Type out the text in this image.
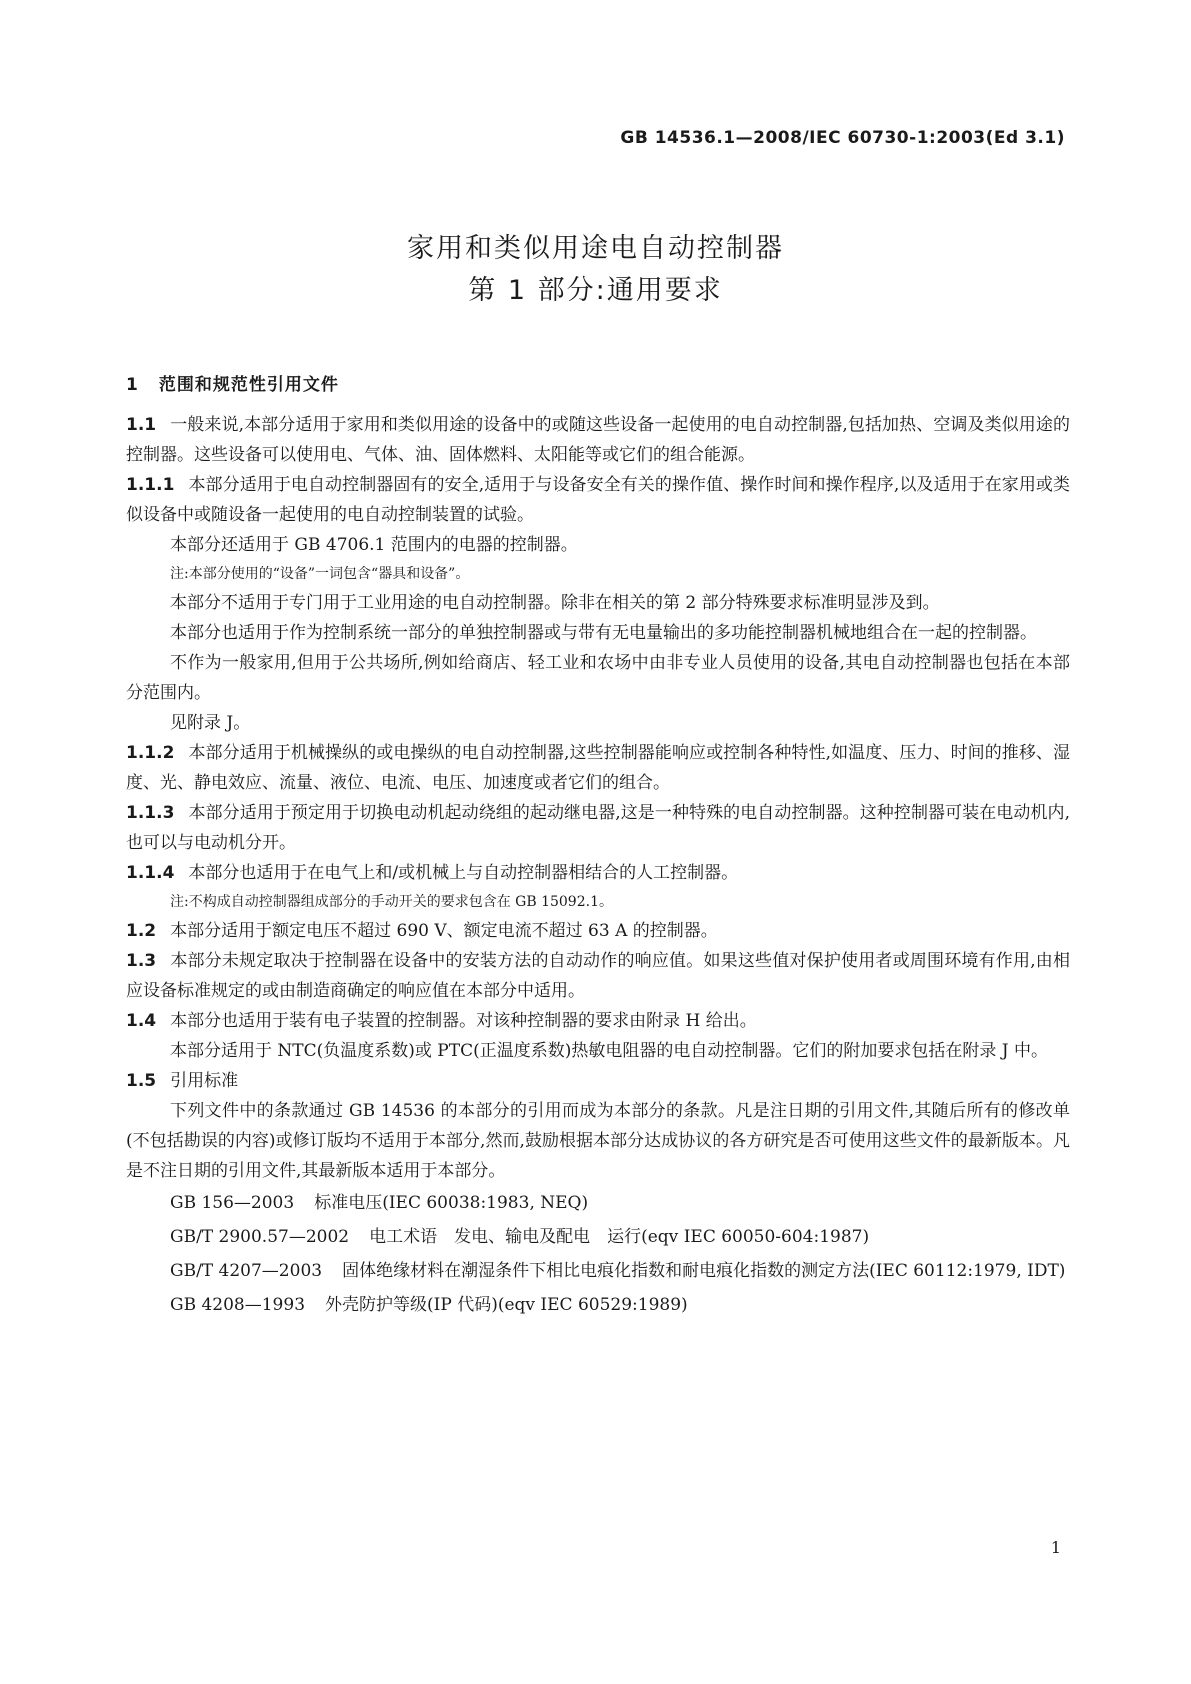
GB 14536.1—2008/IEC 60730-1:2003(Ed 3.1)
家用和类似用途电自动控制器
第 1 部分:通用要求
1 范围和规范性引用文件

1.1 一般来说,本部分适用于家用和类似用途的设备中的或随这些设备一起使用的电自动控制器,包括加热、空调及类似用途的控制器。这些设备可以使用电、气体、油、固体燃料、太阳能等或它们的组合能源。

1.1.1 本部分适用于电自动控制器固有的安全,适用于与设备安全有关的操作值、操作时间和操作程序,以及适用于在家用或类似设备中或随设备一起使用的电自动控制装置的试验。

本部分还适用于 GB 4706.1 范围内的电器的控制器。

注:本部分使用的“设备”一词包含“器具和设备”。

本部分不适用于专门用于工业用途的电自动控制器。除非在相关的第 2 部分特殊要求标准明显涉及到。

本部分也适用于作为控制系统一部分的单独控制器或与带有无电量输出的多功能控制器机械地组合在一起的控制器。

不作为一般家用,但用于公共场所,例如给商店、轻工业和农场中由非专业人员使用的设备,其电自动控制器也包括在本部分范围内。

见附录 J。

1.1.2 本部分适用于机械操纵的或电操纵的电自动控制器,这些控制器能响应或控制各种特性,如温度、压力、时间的推移、湿度、光、静电效应、流量、液位、电流、电压、加速度或者它们的组合。

1.1.3 本部分适用于预定用于切换电动机起动绕组的起动继电器,这是一种特殊的电自动控制器。这种控制器可装在电动机内,也可以与电动机分开。

1.1.4 本部分也适用于在电气上和/或机械上与自动控制器相结合的人工控制器。

注:不构成自动控制器组成部分的手动开关的要求包含在 GB 15092.1。

1.2 本部分适用于额定电压不超过 690 V、额定电流不超过 63 A 的控制器。

1.3 本部分未规定取决于控制器在设备中的安装方法的自动动作的响应值。如果这些值对保护使用者或周围环境有作用,由相应设备标准规定的或由制造商确定的响应值在本部分中适用。

1.4 本部分也适用于装有电子装置的控制器。对该种控制器的要求由附录 H 给出。

本部分适用于 NTC(负温度系数)或 PTC(正温度系数)热敏电阻器的电自动控制器。它们的附加要求包括在附录 J 中。

1.5 引用标准

下列文件中的条款通过 GB 14536 的本部分的引用而成为本部分的条款。凡是注日期的引用文件,其随后所有的修改单(不包括勘误的内容)或修订版均不适用于本部分,然而,鼓励根据本部分达成协议的各方研究是否可使用这些文件的最新版本。凡是不注日期的引用文件,其最新版本适用于本部分。

GB 156—2003 标准电压(IEC 60038:1983, NEQ)

GB/T 2900.57—2002 电工术语　发电、输电及配电　运行(eqv IEC 60050-604:1987)

GB/T 4207—2003 固体绝缘材料在潮湿条件下相比电痕化指数和耐电痕化指数的测定方法(IEC 60112:1979, IDT)

GB 4208—1993 外壳防护等级(IP 代码)(eqv IEC 60529:1989)

1
